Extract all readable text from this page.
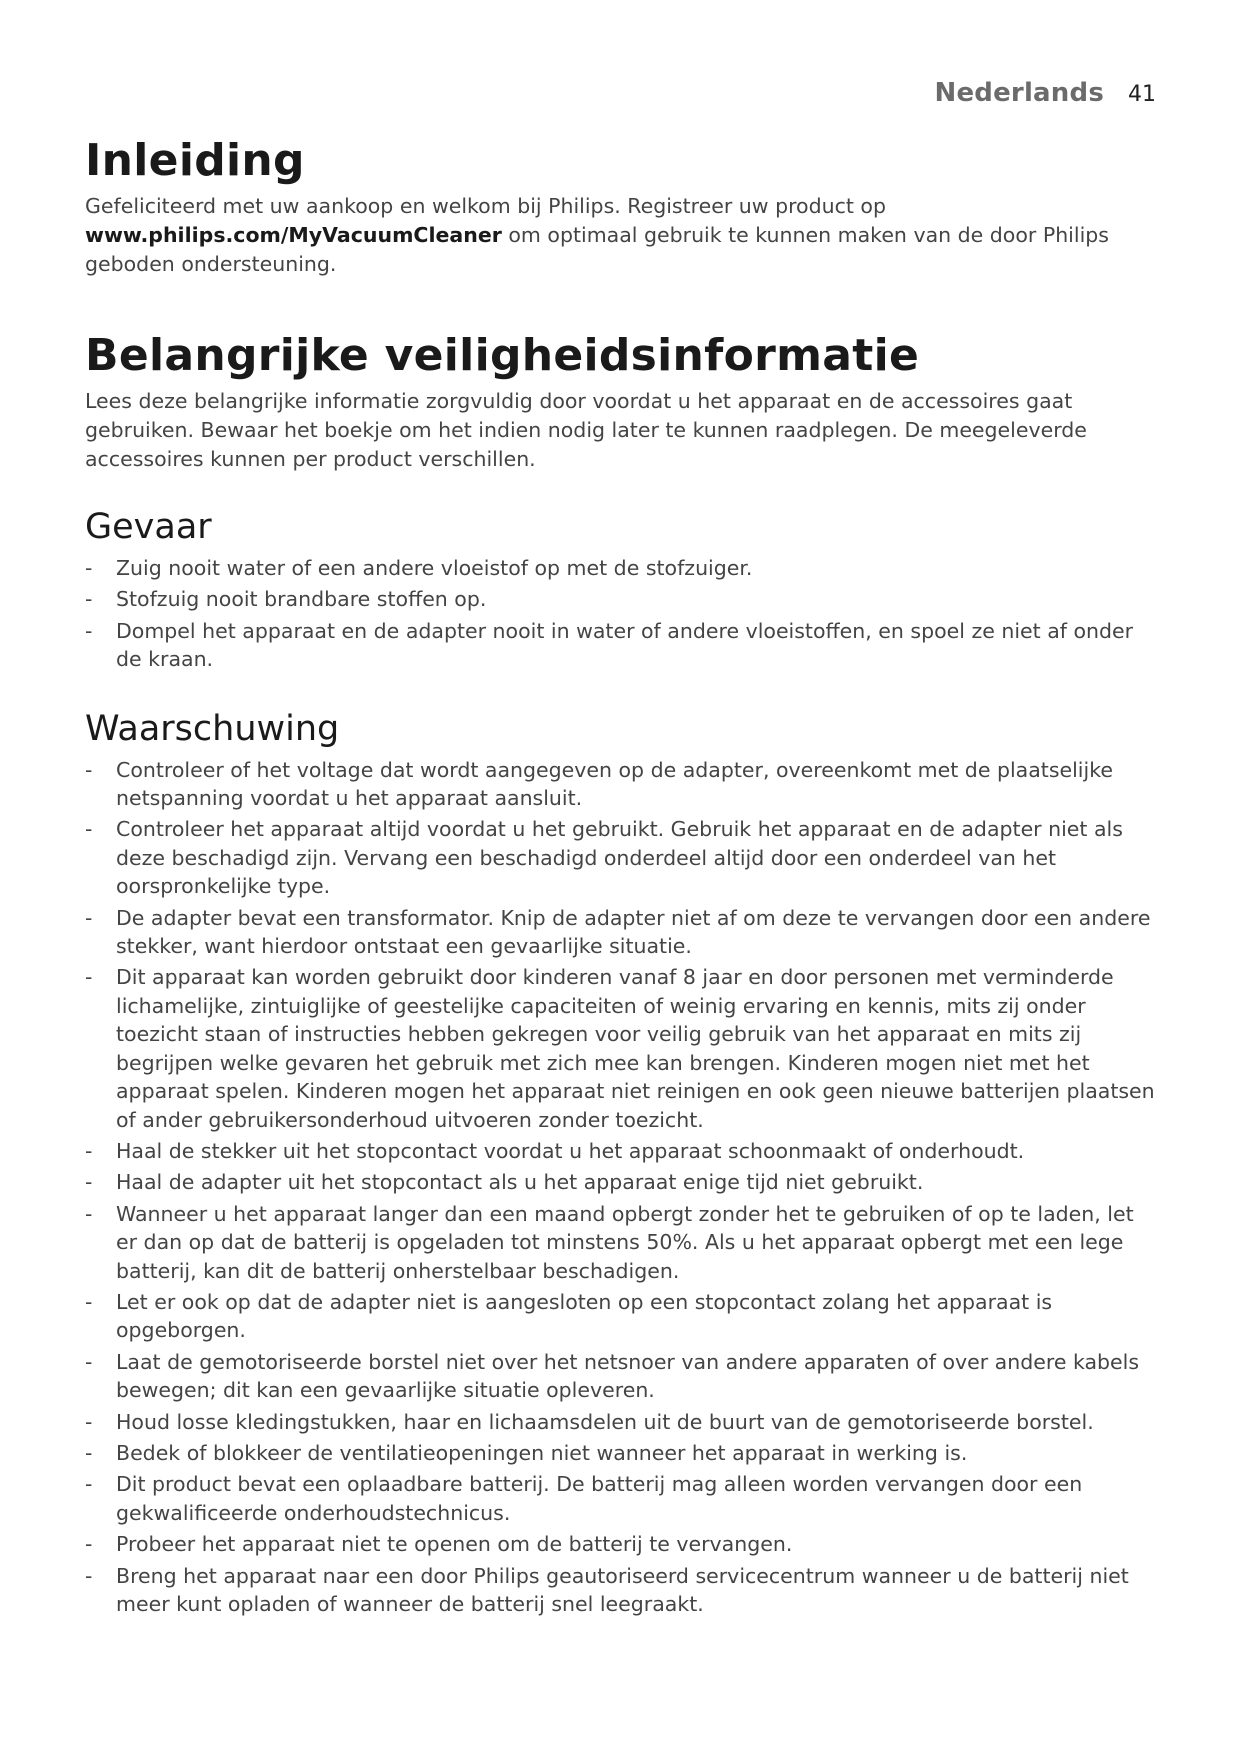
Nederlands 41
Inleiding

Gefeliciteerd met uw aankoop en welkom bij Philips. Registreer uw product op www.philips.com/MyVacuumCleaner om optimaal gebruik te kunnen maken van de door Philips geboden ondersteuning.

Belangrijke veiligheidsinformatie

Lees deze belangrijke informatie zorgvuldig door voordat u het apparaat en de accessoires gaat gebruiken. Bewaar het boekje om het indien nodig later te kunnen raadplegen. De meegeleverde accessoires kunnen per product verschillen.

Gevaar
- Zuig nooit water of een andere vloeistof op met de stofzuiger.
- Stofzuig nooit brandbare stoffen op.
- Dompel het apparaat en de adapter nooit in water of andere vloeistoffen, en spoel ze niet af onder de kraan.
Waarschuwing
- Controleer of het voltage dat wordt aangegeven op de adapter, overeenkomt met de plaatselijke netspanning voordat u het apparaat aansluit.
- Controleer het apparaat altijd voordat u het gebruikt. Gebruik het apparaat en de adapter niet als deze beschadigd zijn. Vervang een beschadigd onderdeel altijd door een onderdeel van het oorspronkelijke type.
- De adapter bevat een transformator. Knip de adapter niet af om deze te vervangen door een andere stekker, want hierdoor ontstaat een gevaarlijke situatie.
- Dit apparaat kan worden gebruikt door kinderen vanaf 8 jaar en door personen met verminderde lichamelijke, zintuiglijke of geestelijke capaciteiten of weinig ervaring en kennis, mits zij onder toezicht staan of instructies hebben gekregen voor veilig gebruik van het apparaat en mits zij begrijpen welke gevaren het gebruik met zich mee kan brengen. Kinderen mogen niet met het apparaat spelen. Kinderen mogen het apparaat niet reinigen en ook geen nieuwe batterijen plaatsen of ander gebruikersonderhoud uitvoeren zonder toezicht.
- Haal de stekker uit het stopcontact voordat u het apparaat schoonmaakt of onderhoudt.
- Haal de adapter uit het stopcontact als u het apparaat enige tijd niet gebruikt.
- Wanneer u het apparaat langer dan een maand opbergt zonder het te gebruiken of op te laden, let er dan op dat de batterij is opgeladen tot minstens 50%. Als u het apparaat opbergt met een lege batterij, kan dit de batterij onherstelbaar beschadigen.
- Let er ook op dat de adapter niet is aangesloten op een stopcontact zolang het apparaat is opgeborgen.
- Laat de gemotoriseerde borstel niet over het netsnoer van andere apparaten of over andere kabels bewegen; dit kan een gevaarlijke situatie opleveren.
- Houd losse kledingstukken, haar en lichaamsdelen uit de buurt van de gemotoriseerde borstel.
- Bedek of blokkeer de ventilatieopeningen niet wanneer het apparaat in werking is.
- Dit product bevat een oplaadbare batterij. De batterij mag alleen worden vervangen door een gekwalificeerde onderhoudstechnicus.
- Probeer het apparaat niet te openen om de batterij te vervangen.
- Breng het apparaat naar een door Philips geautoriseerd servicecentrum wanneer u de batterij niet meer kunt opladen of wanneer de batterij snel leegraakt.
